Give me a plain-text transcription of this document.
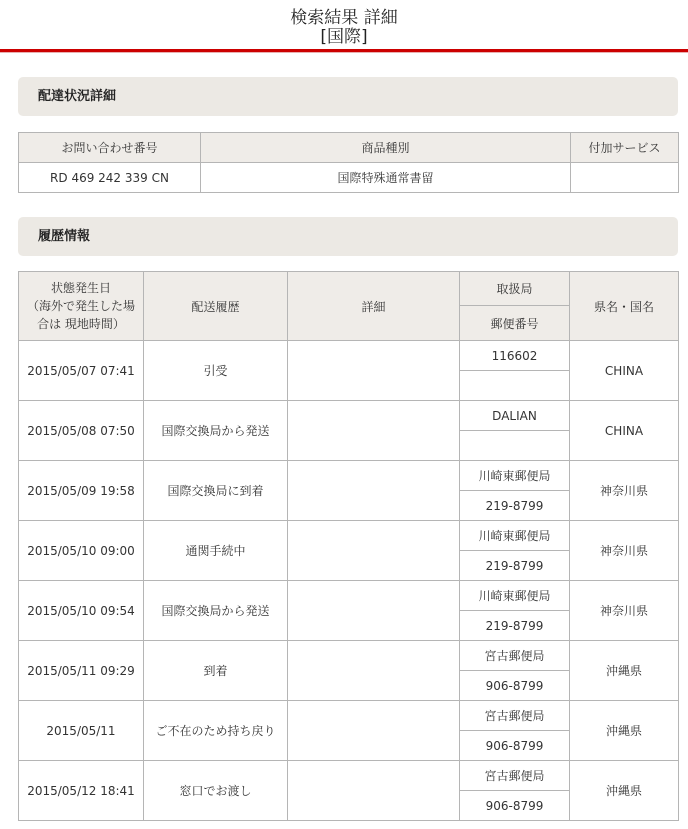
検索結果 詳細
[国際]
配達状況詳細
お問い合わせ番号	商品種別	付加サービス
RD 469 242 339 CN	国際特殊通常書留	
履歴情報
状態発生日
（海外で発生した場
合は 現地時間）	配送履歴	詳細	取扱局	県名・国名
			郵便番号	
2015/05/07 07:41	引受		116602	CHINA

2015/05/08 07:50	国際交換局から発送		DALIAN	CHINA

2015/05/09 19:58	国際交換局に到着		川崎東郵便局	神奈川県
			219-8799	
2015/05/10 09:00	通関手続中		川崎東郵便局	神奈川県
			219-8799	
2015/05/10 09:54	国際交換局から発送		川崎東郵便局	神奈川県
			219-8799	
2015/05/11 09:29	到着		宮古郵便局	沖縄県
			906-8799	
2015/05/11	ご不在のため持ち戻り		宮古郵便局	沖縄県
			906-8799	
2015/05/12 18:41	窓口でお渡し		宮古郵便局	沖縄県
			906-8799	
